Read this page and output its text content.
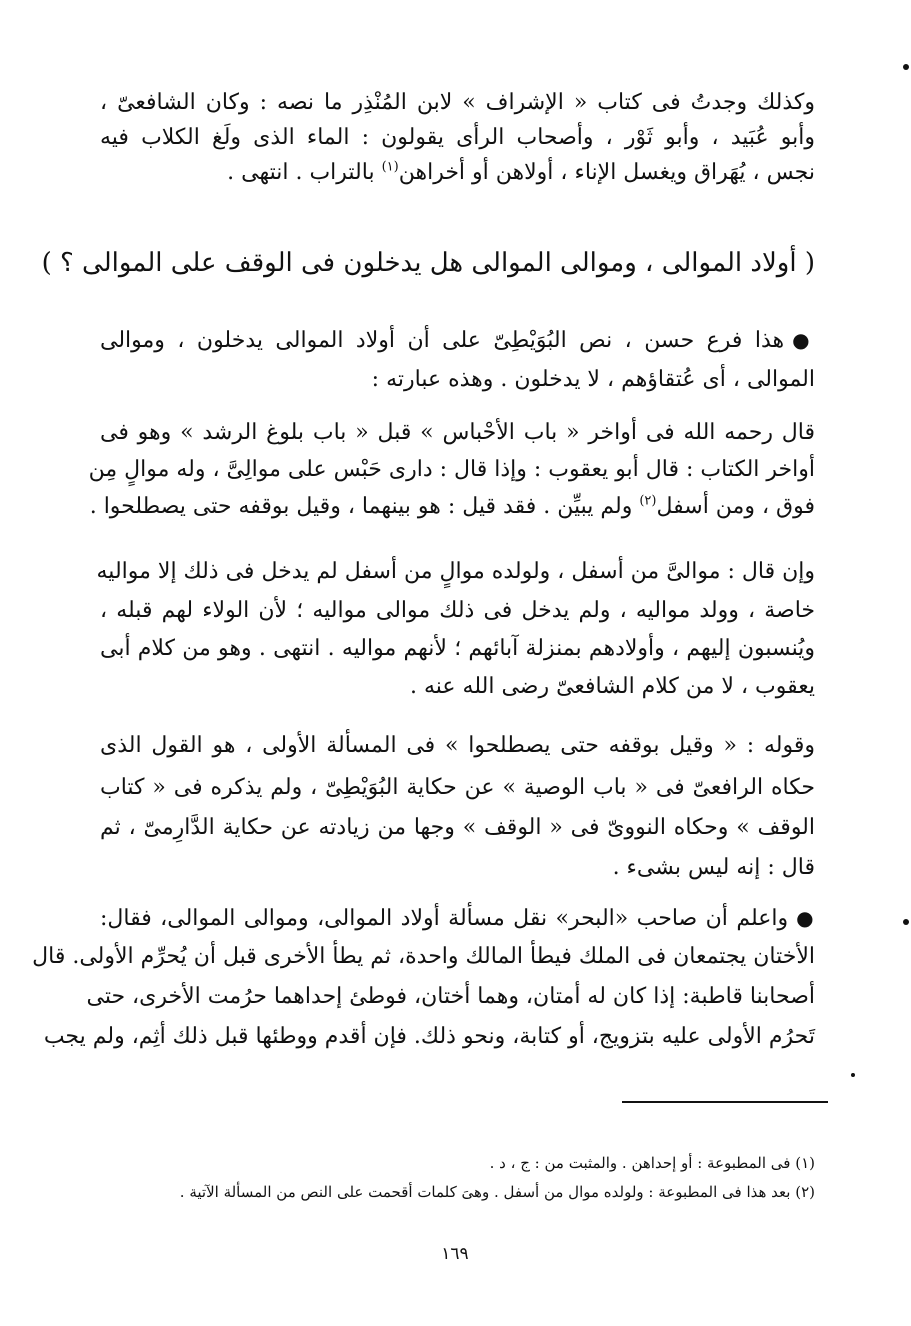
وكذلك وجدتُ فى كتاب « الإشراف » لابن المُنْذِر ما نصه : وكان الشافعىّ ،
وأبو عُبَيد ، وأبو ثَوْر ، وأصحاب الرأى يقولون : الماء الذى ولَغ الكلاب فيه
نجس ، يُهَراق ويغسل الإناء ، أولاهن أو أخراهن$^{(١)}$ بالتراب . انتهى .
( أولاد الموالى ، وموالى الموالى هل يدخلون فى الوقف على الموالى ؟ )
●هذا فرع حسن ، نص البُوَيْطِىّ على أن أولاد الموالى يدخلون ، وموالى
الموالى ، أى عُتقاؤهم ، لا يدخلون . وهذه عبارته :
قال رحمه الله فى أواخر « باب الأحْباس » قبل « باب بلوغ الرشد » وهو فى
أواخر الكتاب : قال أبو يعقوب : وإذا قال : دارى حَبْس على موالِىَّ ، وله موالٍ مِن
فوق ، ومن أسفل$^{(٢)}$ ولم يبيِّن . فقد قيل : هو بينهما ، وقيل بوقفه حتى يصطلحوا .
وإن قال : موالىَّ من أسفل ، ولولده موالٍ من أسفل لم يدخل فى ذلك إلا مواليه
خاصة ، وولد مواليه ، ولم يدخل فى ذلك موالى مواليه ؛ لأن الولاء لهم قبله ،
ويُنسبون إليهم ، وأولادهم بمنزلة آبائهم ؛ لأنهم مواليه . انتهى . وهو من كلام أبى
يعقوب ، لا من كلام الشافعىّ رضى الله عنه .
وقوله : « وقيل بوقفه حتى يصطلحوا » فى المسألة الأولى ، هو القول الذى
حكاه الرافعىّ فى « باب الوصية » عن حكاية البُوَيْطِىّ ، ولم يذكره فى « كتاب
الوقف » وحكاه النووىّ فى « الوقف » وجها من زيادته عن حكاية الدَّارِمىّ ، ثم
قال : إنه ليس بشىء .
●واعلم أن صاحب «البحر» نقل مسألة أولاد الموالى، وموالى الموالى، فقال:
الأختان يجتمعان فى الملك فيطأ المالك واحدة، ثم يطأ الأخرى قبل أن يُحرِّم الأولى. قال
أصحابنا قاطبة: إذا كان له أمتان، وهما أختان، فوطئ إحداهما حرُمت الأخرى، حتى
تَحرُم الأولى عليه بتزويج، أو كتابة، ونحو ذلك. فإن أقدم ووطئها قبل ذلك أثِم، ولم يجب
(١) فى المطبوعة : أو إحداهن . والمثبت من : ج ، د .
(٢) بعد هذا فى المطبوعة : ولولده موال من أسفل . وهىَ كلمات أقحمت على النص من المسألة الآتية .
١٦٩
